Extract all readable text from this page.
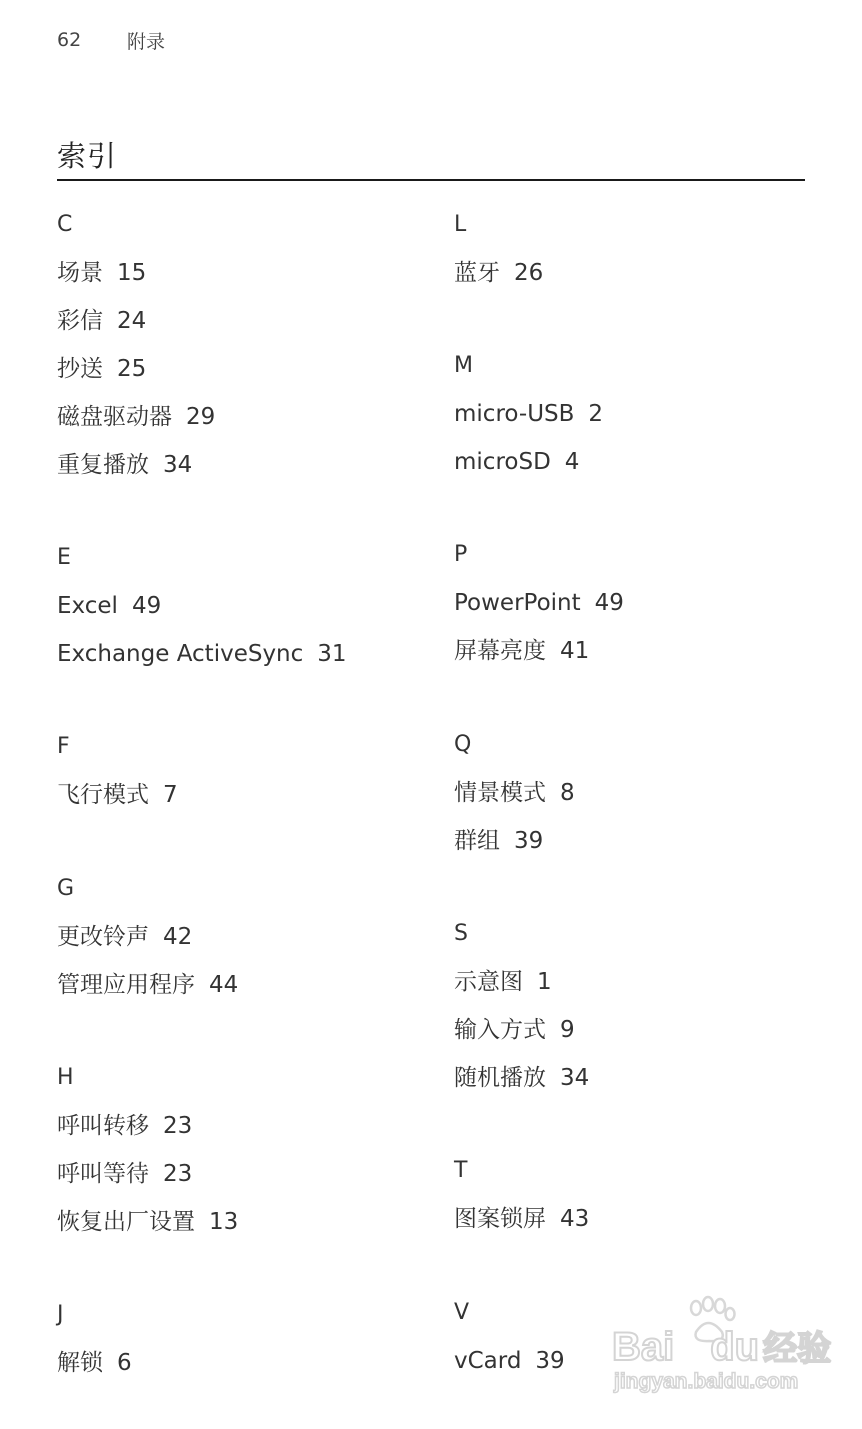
62	附录
索引
C
场景 15
彩信 24
抄送 25
磁盘驱动器 29
重复播放 34
E
Excel 49
Exchange ActiveSync 31
F
飞行模式 7
G
更改铃声 42
管理应用程序 44
H
呼叫转移 23
呼叫等待 23
恢复出厂设置 13
J
解锁 6
L
蓝牙 26
M
micro-USB 2
microSD 4
P
PowerPoint 49
屏幕亮度 41
Q
情景模式 8
群组 39
S
示意图 1
输入方式 9
随机播放 34
T
图案锁屏 43
V
vCard 39 Bai du 经验
jingyan.baidu.com
